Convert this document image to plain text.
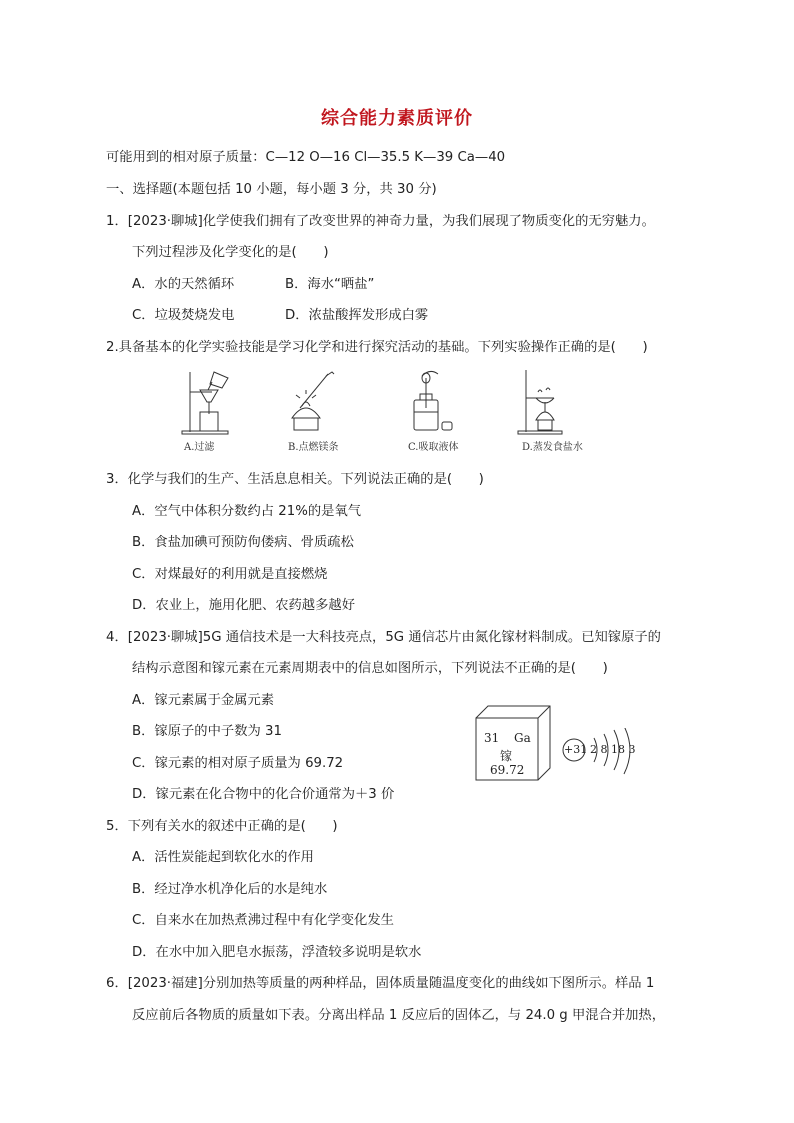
综合能力素质评价
可能用到的相对原子质量：C—12 O—16 Cl—35.5 K—39 Ca—40
一、选择题(本题包括 10 小题，每小题 3 分，共 30 分)
1．[2023·聊城]化学使我们拥有了改变世界的神奇力量，为我们展现了物质变化的无穷魅力。
下列过程涉及化学变化的是(　　)
A．水的天然循环	B．海水“晒盐”
C．垃圾焚烧发电	D．浓盐酸挥发形成白雾
2.具备基本的化学实验技能是学习化学和进行探究活动的基础。下列实验操作正确的是(　　)
A.过滤	B.点燃镁条	C.吸取液体	D.蒸发食盐水
3．化学与我们的生产、生活息息相关。下列说法正确的是(　　)
A．空气中体积分数约占 21%的是氧气
B．食盐加碘可预防佝偻病、骨质疏松
C．对煤最好的利用就是直接燃烧
D．农业上，施用化肥、农药越多越好
4．[2023·聊城]5G 通信技术是一大科技亮点，5G 通信芯片由氮化镓材料制成。已知镓原子的
结构示意图和镓元素在元素周期表中的信息如图所示，下列说法不正确的是(　　)
A．镓元素属于金属元素
B．镓原子的中子数为 31
C．镓元素的相对原子质量为 69.72
D．镓元素在化合物中的化合价通常为＋3 价
31 Ga
镓
69.72
+31 2 8 18 3
5．下列有关水的叙述中正确的是(　　)
A．活性炭能起到软化水的作用
B．经过净水机净化后的水是纯水
C．自来水在加热煮沸过程中有化学变化发生
D．在水中加入肥皂水振荡，浮渣较多说明是软水
6．[2023·福建]分别加热等质量的两种样品，固体质量随温度变化的曲线如下图所示。样品 1
反应前后各物质的质量如下表。分离出样品 1 反应后的固体乙，与 24.0 g 甲混合并加热，
